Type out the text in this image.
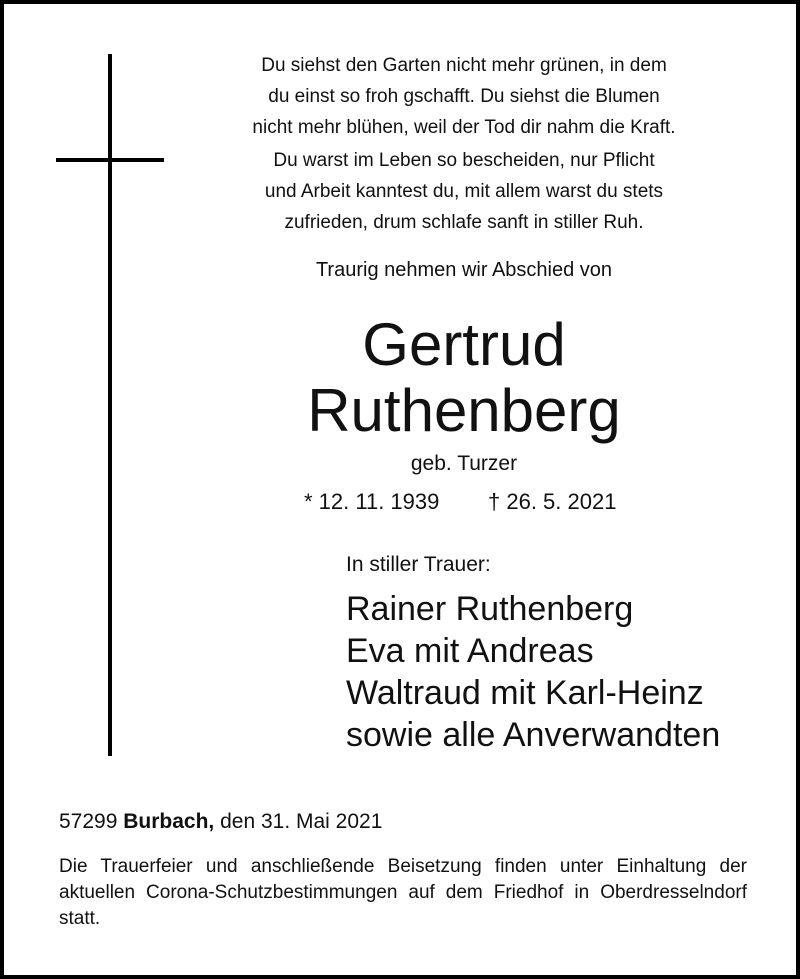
Du siehst den Garten nicht mehr grünen, in dem
du einst so froh gschafft. Du siehst die Blumen
nicht mehr blühen, weil der Tod dir nahm die Kraft.
Du warst im Leben so bescheiden, nur Pflicht
und Arbeit kanntest du, mit allem warst du stets
zufrieden, drum schlafe sanft in stiller Ruh.
Traurig nehmen wir Abschied von
Gertrud
Ruthenberg
geb. Turzer
* 12. 11. 1939 † 26. 5. 2021
In stiller Trauer:
Rainer Ruthenberg
Eva mit Andreas
Waltraud mit Karl-Heinz
sowie alle Anverwandten
57299 Burbach, den 31. Mai 2021
Die Trauerfeier und anschließende Beisetzung finden unter Einhaltung der aktuellen Corona-Schutzbestimmungen auf dem Friedhof in Oberdresselndorf statt.
